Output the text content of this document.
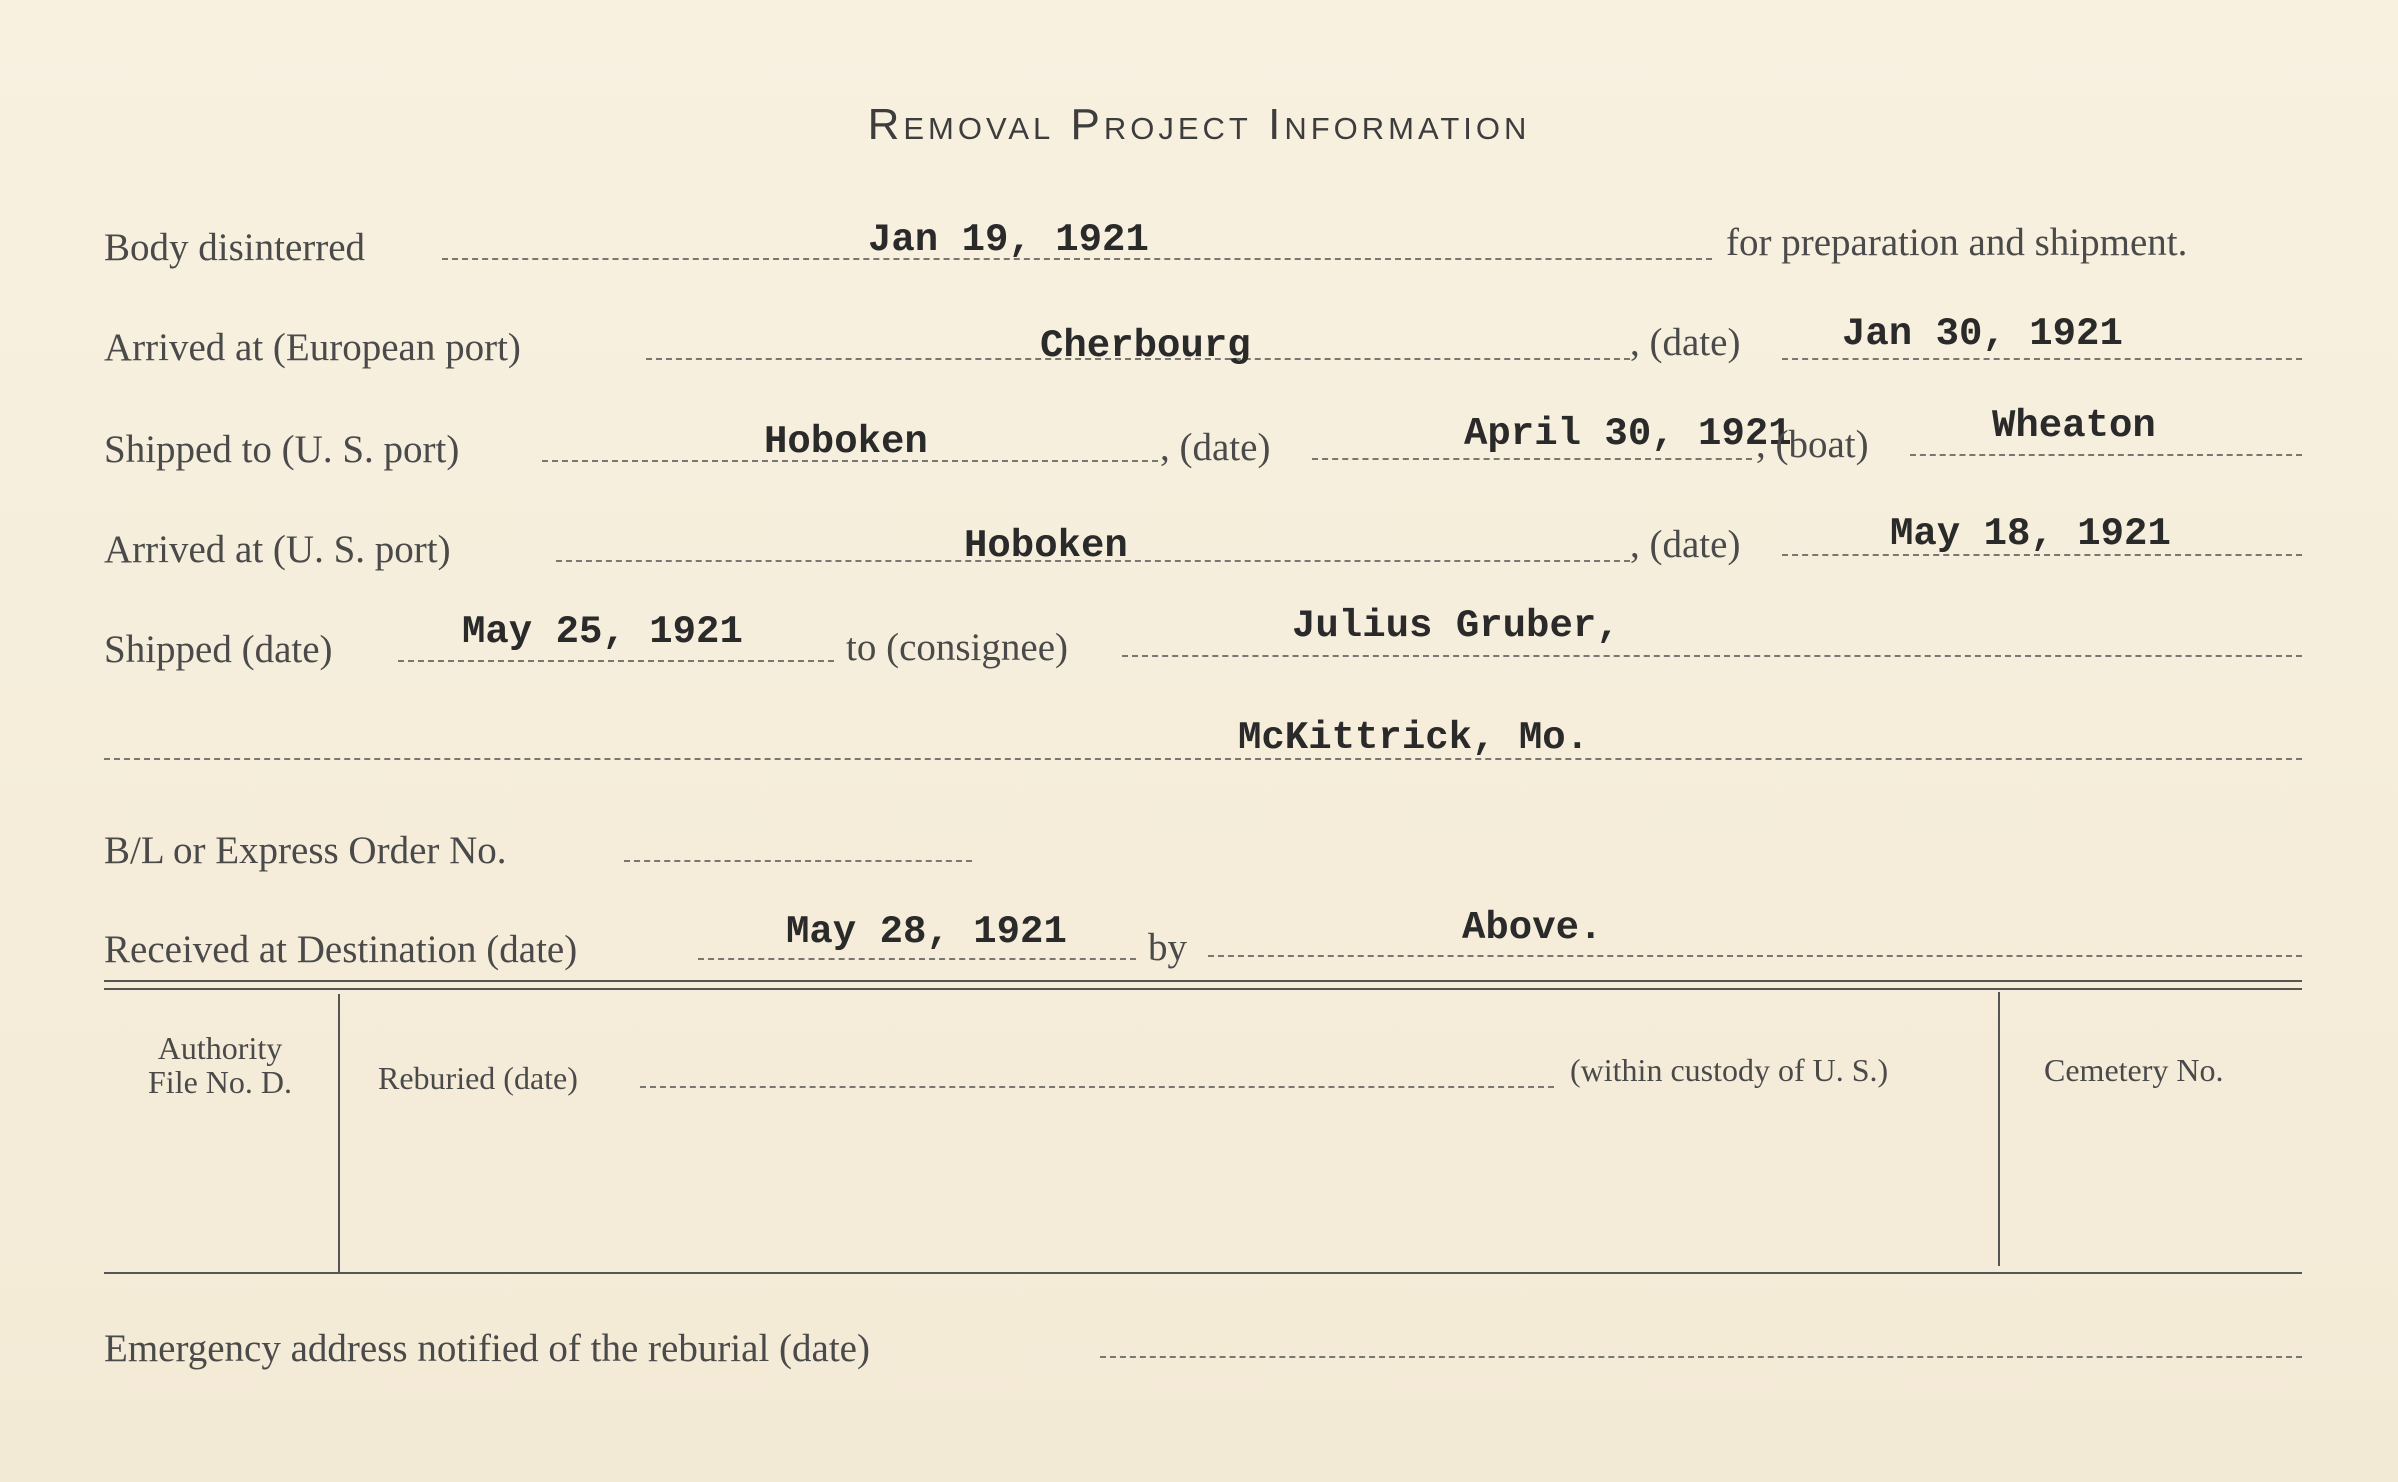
Removal Project Information
Body disinterred	Jan 19, 1921	for preparation and shipment.
Arrived at (European port)	Cherbourg	, (date)	Jan 30, 1921
Shipped to (U. S. port)	Hoboken	, (date)	April 30, 1921
, (boat)	Wheaton
Arrived at (U. S. port)	Hoboken	, (date)	May 18, 1921
Shipped (date)	May 25, 1921	to (consignee)	Julius Gruber,
McKittrick, Mo.
B/L or Express Order No.
Received at Destination (date)	May 28, 1921 by	Above.
Authority
File No. D.	Reburied (date)	(within custody of U. S.)	Cemetery No.
Emergency address notified of the reburial (date)
